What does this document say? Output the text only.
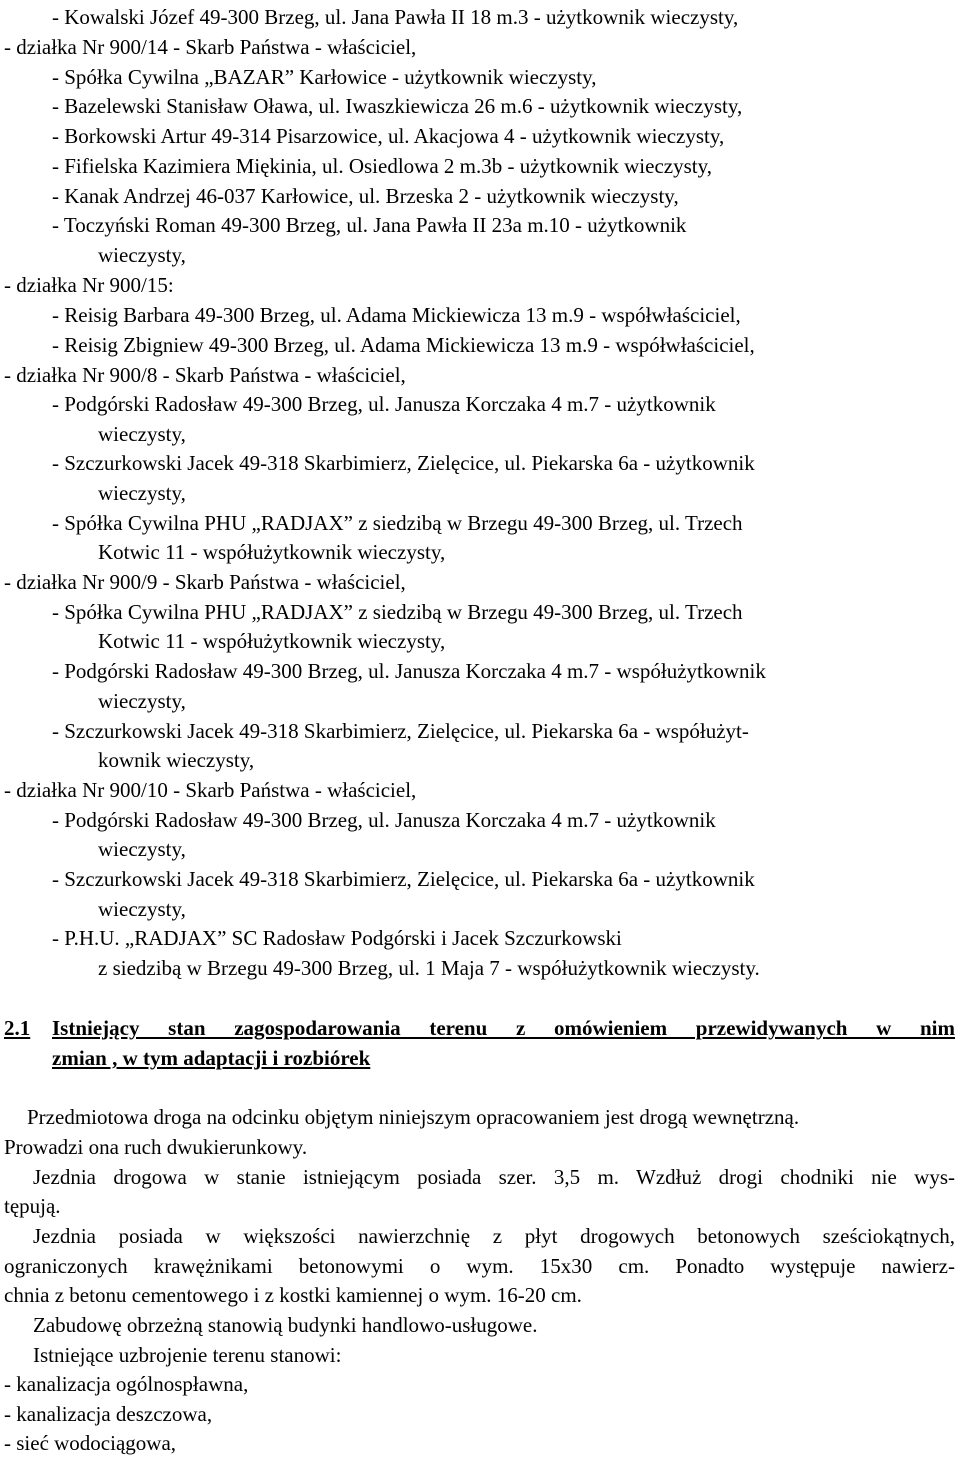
- Kowalski Józef 49-300 Brzeg, ul. Jana Pawła II 18 m.3 - użytkownik wieczysty,
- działka Nr 900/14 - Skarb Państwa - właściciel,
- Spółka Cywilna „BAZAR” Karłowice - użytkownik wieczysty,
- Bazelewski Stanisław Oława, ul. Iwaszkiewicza 26 m.6 - użytkownik wieczysty,
- Borkowski Artur 49-314 Pisarzowice, ul. Akacjowa 4 - użytkownik wieczysty,
- Fifielska Kazimiera Miękinia, ul. Osiedlowa 2 m.3b - użytkownik wieczysty,
- Kanak Andrzej 46-037 Karłowice, ul. Brzeska 2 - użytkownik wieczysty,
- Toczyński Roman 49-300 Brzeg, ul. Jana Pawła II 23a m.10 - użytkownik
wieczysty,
- działka Nr 900/15:
- Reisig Barbara 49-300 Brzeg, ul. Adama Mickiewicza 13 m.9 - współwłaściciel,
- Reisig Zbigniew 49-300 Brzeg, ul. Adama Mickiewicza 13 m.9 - współwłaściciel,
- działka Nr 900/8 - Skarb Państwa - właściciel,
- Podgórski Radosław 49-300 Brzeg, ul. Janusza Korczaka 4 m.7 - użytkownik
wieczysty,
- Szczurkowski Jacek 49-318 Skarbimierz, Zielęcice, ul. Piekarska 6a - użytkownik
wieczysty,
- Spółka Cywilna PHU „RADJAX” z siedzibą w Brzegu 49-300 Brzeg, ul. Trzech
Kotwic 11 - współużytkownik wieczysty,
- działka Nr 900/9 - Skarb Państwa - właściciel,
- Spółka Cywilna PHU „RADJAX” z siedzibą w Brzegu 49-300 Brzeg, ul. Trzech
Kotwic 11 - współużytkownik wieczysty,
- Podgórski Radosław 49-300 Brzeg, ul. Janusza Korczaka 4 m.7 - współużytkownik
wieczysty,
- Szczurkowski Jacek 49-318 Skarbimierz, Zielęcice, ul. Piekarska 6a - współużyt-
kownik wieczysty,
- działka Nr 900/10 - Skarb Państwa - właściciel,
- Podgórski Radosław 49-300 Brzeg, ul. Janusza Korczaka 4 m.7 - użytkownik
wieczysty,
- Szczurkowski Jacek 49-318 Skarbimierz, Zielęcice, ul. Piekarska 6a - użytkownik
wieczysty,
- P.H.U. „RADJAX” SC Radosław Podgórski i Jacek Szczurkowski
z siedzibą w Brzegu 49-300 Brzeg, ul. 1 Maja 7 - współużytkownik wieczysty.
2.1 Istniejący stan zagospodarowania terenu z omówieniem przewidywanych w nim
zmian , w tym adaptacji i rozbiórek
Przedmiotowa droga na odcinku objętym niniejszym opracowaniem jest drogą wewnętrzną.
Prowadzi ona ruch dwukierunkowy.
Jezdnia drogowa w stanie istniejącym posiada szer. 3,5 m. Wzdłuż drogi chodniki nie wys-
tępują.
Jezdnia posiada w większości nawierzchnię z płyt drogowych betonowych sześciokątnych,
ograniczonych krawężnikami betonowymi o wym. 15x30 cm. Ponadto występuje nawierz-
chnia z betonu cementowego i z kostki kamiennej o wym. 16-20 cm.
Zabudowę obrzeżną stanowią budynki handlowo-usługowe.
Istniejące uzbrojenie terenu stanowi:
- kanalizacja ogólnospławna,
- kanalizacja deszczowa,
- sieć wodociągowa,
